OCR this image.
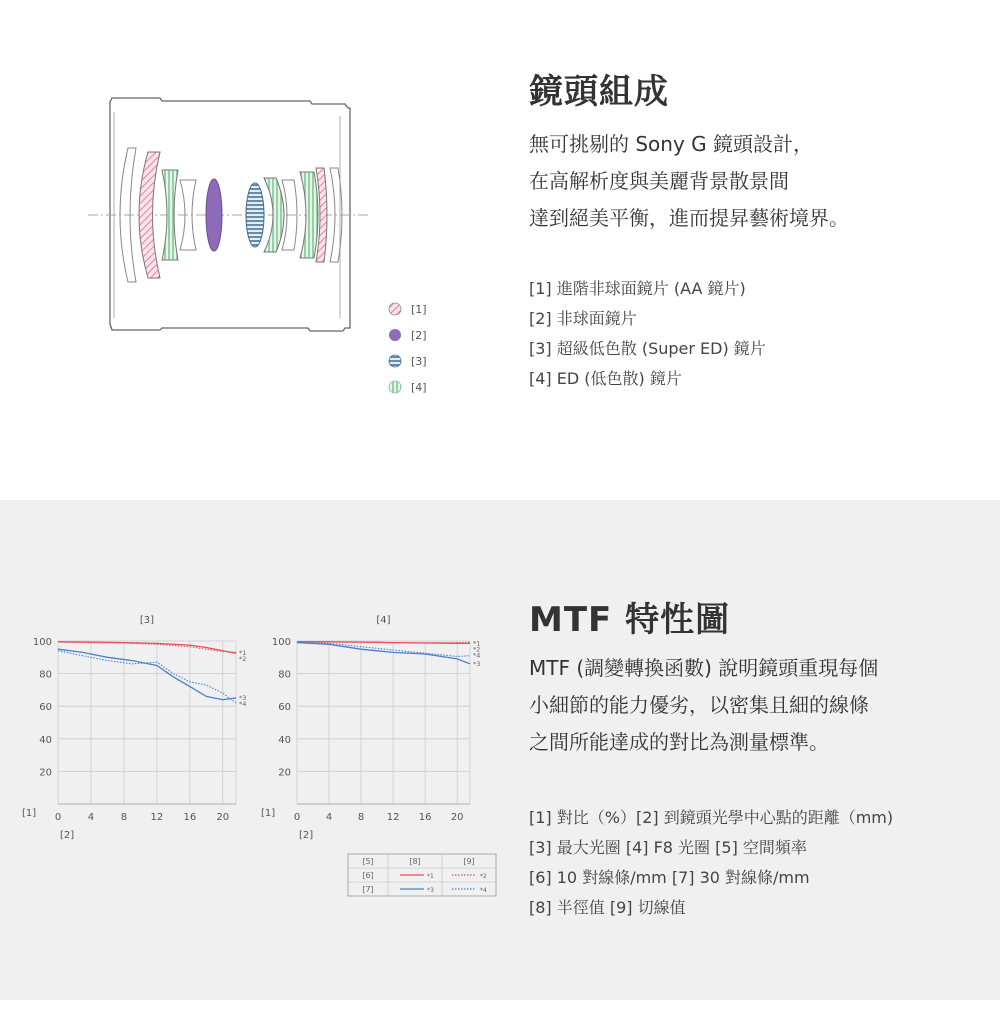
[1]
[2]
[3]
[4]
鏡頭組成
無可挑剔的 Sony G 鏡頭設計，
在高解析度與美麗背景散景間
達到絕美平衡，進而提昇藝術境界。
[1] 進階非球面鏡片 (AA 鏡片)
[2] 非球面鏡片
[3] 超級低色散 (Super ED) 鏡片
[4] ED (低色散) 鏡片
20
40
60
80
100
0	4	8 12 16 20
[3]
[1]
[2]
*1
*2
*3
*4
20
40
60
80
100
0	4	8 12 16 20
[4]
[1]
[2]
*1
*2
*3
*4
[5]	[8]	[9]
[6]	*1	*2
[7]	*3	*4
MTF 特性圖
MTF (調變轉換函數) 說明鏡頭重現每個
小細節的能力優劣，以密集且細的線條
之間所能達成的對比為測量標準。
[1] 對比（%）[2] 到鏡頭光學中心點的距離（mm)
[3] 最大光圈 [4] F8 光圈 [5] 空間頻率
[6] 10 對線條/mm [7] 30 對線條/mm
[8] 半徑值 [9] 切線值
